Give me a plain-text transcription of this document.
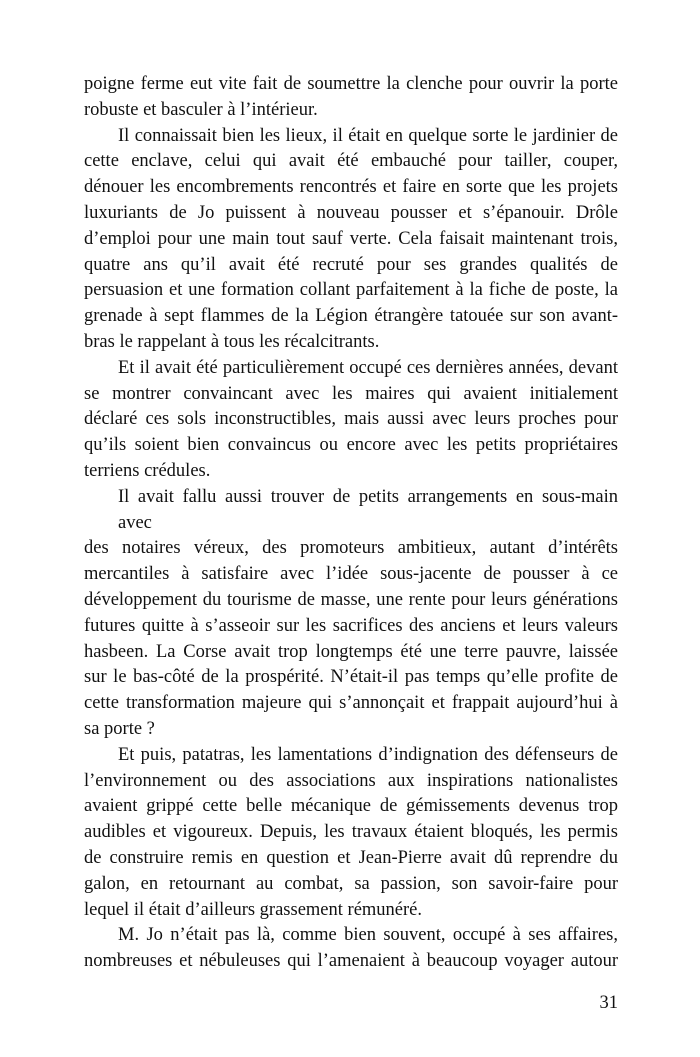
poigne ferme eut vite fait de soumettre la clenche pour ouvrir la porte
robuste et basculer à l’intérieur.
Il connaissait bien les lieux, il était en quelque sorte le jardinier de
cette enclave, celui qui avait été embauché pour tailler, couper,
dénouer les encombrements rencontrés et faire en sorte que les projets
luxuriants de Jo puissent à nouveau pousser et s’épanouir. Drôle
d’emploi pour une main tout sauf verte. Cela faisait maintenant trois,
quatre ans qu’il avait été recruté pour ses grandes qualités de
persuasion et une formation collant parfaitement à la fiche de poste, la
grenade à sept flammes de la Légion étrangère tatouée sur son avant-
bras le rappelant à tous les récalcitrants.
Et il avait été particulièrement occupé ces dernières années, devant
se montrer convaincant avec les maires qui avaient initialement
déclaré ces sols inconstructibles, mais aussi avec leurs proches pour
qu’ils soient bien convaincus ou encore avec les petits propriétaires
terriens crédules.
Il avait fallu aussi trouver de petits arrangements en sous-main avec
des notaires véreux, des promoteurs ambitieux, autant d’intérêts
mercantiles à satisfaire avec l’idée sous-jacente de pousser à ce
développement du tourisme de masse, une rente pour leurs générations
futures quitte à s’asseoir sur les sacrifices des anciens et leurs valeurs
hasbeen. La Corse avait trop longtemps été une terre pauvre, laissée
sur le bas-côté de la prospérité. N’était-il pas temps qu’elle profite de
cette transformation majeure qui s’annonçait et frappait aujourd’hui à
sa porte ?
Et puis, patatras, les lamentations d’indignation des défenseurs de
l’environnement ou des associations aux inspirations nationalistes
avaient grippé cette belle mécanique de gémissements devenus trop
audibles et vigoureux. Depuis, les travaux étaient bloqués, les permis
de construire remis en question et Jean-Pierre avait dû reprendre du
galon, en retournant au combat, sa passion, son savoir-faire pour
lequel il était d’ailleurs grassement rémunéré.
M. Jo n’était pas là, comme bien souvent, occupé à ses affaires,
nombreuses et nébuleuses qui l’amenaient à beaucoup voyager autour
31
